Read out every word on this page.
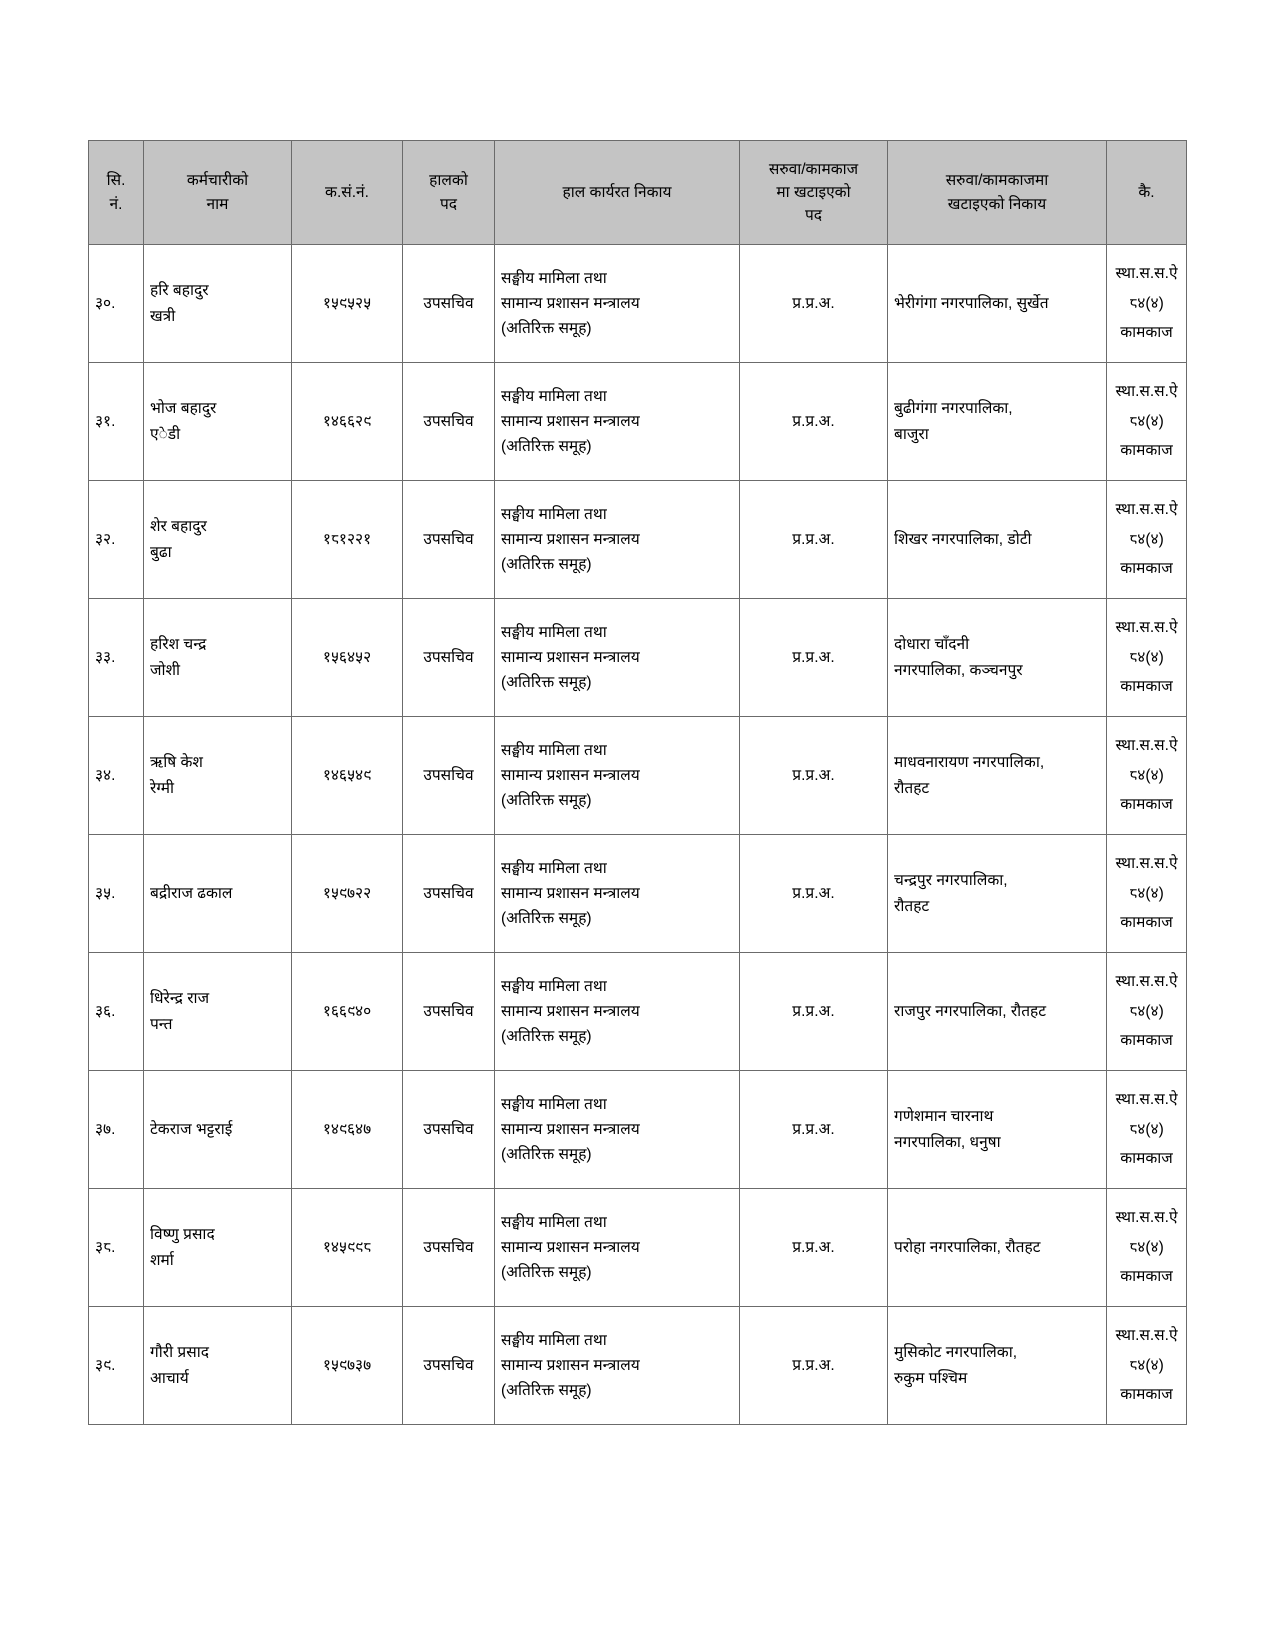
सि.
नं.	कर्मचारीको
नाम	क.सं.नं.	हालको
पद	हाल कार्यरत निकाय	सरुवा/कामकाज
मा खटाइएको
पद	सरुवा/कामकाजमा
खटाइएको निकाय	कै.

३०.	हरि बहादुर
खत्री	१५९५२५	उपसचिव	सङ्घीय मामिला तथा
सामान्य प्रशासन मन्त्रालय
(अतिरिक्त समूह)	प्र.प्र.अ.	भेरीगंगा नगरपालिका, सुर्खेत	स्था.स.स.ऐ
८४(४)
कामकाज

३१.	भोज बहादुर
एेडी	१४६६२९	उपसचिव	सङ्घीय मामिला तथा
सामान्य प्रशासन मन्त्रालय
(अतिरिक्त समूह)	प्र.प्र.अ.	बुढीगंगा नगरपालिका,
बाजुरा	स्था.स.स.ऐ
८४(४)
कामकाज

३२.	शेर बहादुर
बुढा	१८१२२१	उपसचिव	सङ्घीय मामिला तथा
सामान्य प्रशासन मन्त्रालय
(अतिरिक्त समूह)	प्र.प्र.अ.	शिखर नगरपालिका, डोटी	स्था.स.स.ऐ
८४(४)
कामकाज

३३.	हरिश चन्द्र
जोशी	१५६४५२	उपसचिव	सङ्घीय मामिला तथा
सामान्य प्रशासन मन्त्रालय
(अतिरिक्त समूह)	प्र.प्र.अ.	दोधारा चाँदनी
नगरपालिका, कञ्चनपुर	स्था.स.स.ऐ
८४(४)
कामकाज

३४.	ऋषि केश
रेग्मी	१४६५४९	उपसचिव	सङ्घीय मामिला तथा
सामान्य प्रशासन मन्त्रालय
(अतिरिक्त समूह)	प्र.प्र.अ.	माधवनारायण नगरपालिका,
रौतहट	स्था.स.स.ऐ
८४(४)
कामकाज

३५.	बद्रीराज ढकाल	१५९७२२	उपसचिव	सङ्घीय मामिला तथा
सामान्य प्रशासन मन्त्रालय
(अतिरिक्त समूह)	प्र.प्र.अ.	चन्द्रपुर नगरपालिका,
रौतहट	स्था.स.स.ऐ
८४(४)
कामकाज

३६.	धिरेन्द्र राज
पन्त	१६६९४०	उपसचिव	सङ्घीय मामिला तथा
सामान्य प्रशासन मन्त्रालय
(अतिरिक्त समूह)	प्र.प्र.अ.	राजपुर नगरपालिका, रौतहट	स्था.स.स.ऐ
८४(४)
कामकाज

३७.	टेकराज भट्टराई	१४९६४७	उपसचिव	सङ्घीय मामिला तथा
सामान्य प्रशासन मन्त्रालय
(अतिरिक्त समूह)	प्र.प्र.अ.	गणेशमान चारनाथ
नगरपालिका, धनुषा	स्था.स.स.ऐ
८४(४)
कामकाज

३८.	विष्णु प्रसाद
शर्मा	१४५९९८	उपसचिव	सङ्घीय मामिला तथा
सामान्य प्रशासन मन्त्रालय
(अतिरिक्त समूह)	प्र.प्र.अ.	परोहा नगरपालिका, रौतहट	स्था.स.स.ऐ
८४(४)
कामकाज

३९.	गौरी प्रसाद
आचार्य	१५९७३७	उपसचिव	सङ्घीय मामिला तथा
सामान्य प्रशासन मन्त्रालय
(अतिरिक्त समूह)	प्र.प्र.अ.	मुसिकोट नगरपालिका,
रुकुम पश्चिम	स्था.स.स.ऐ
८४(४)
कामकाज
